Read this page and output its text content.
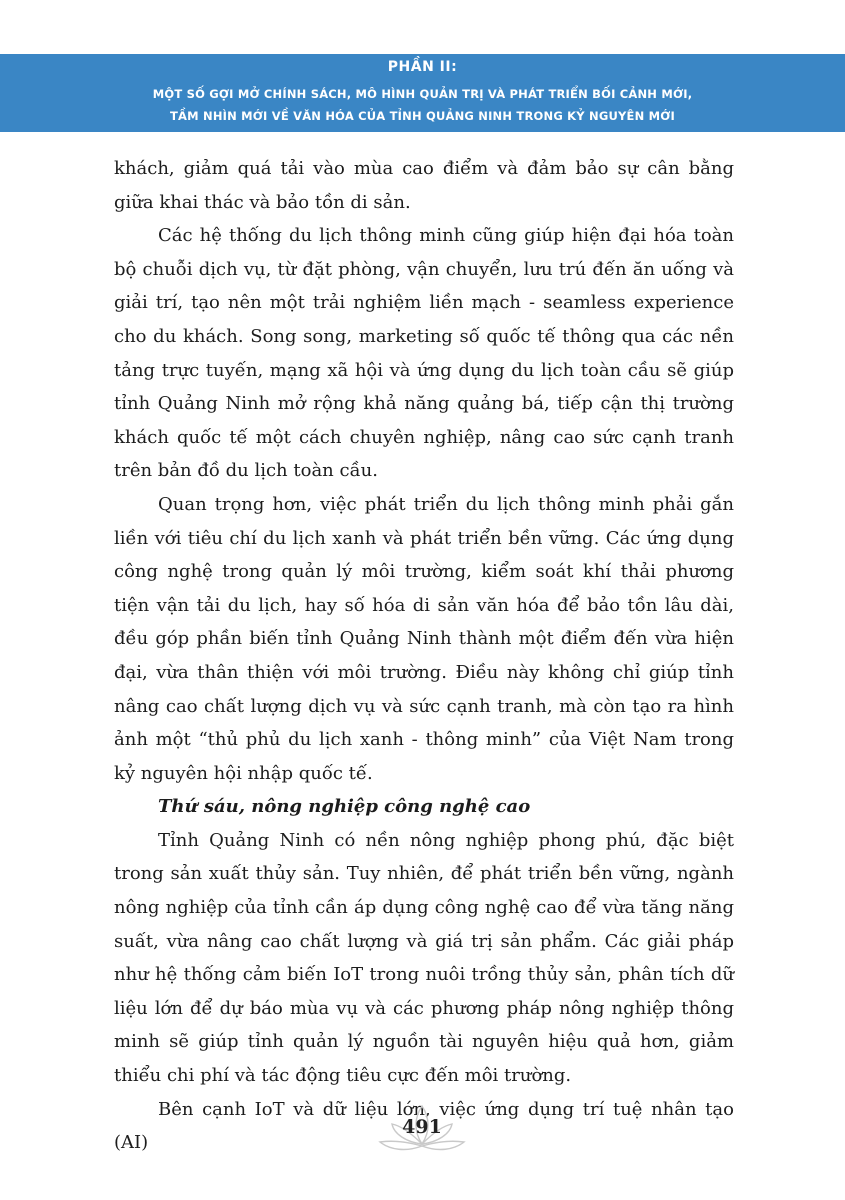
PHẦN II:
MỘT SỐ GỢI MỞ CHÍNH SÁCH, MÔ HÌNH QUẢN TRỊ VÀ PHÁT TRIỂN BỐI CẢNH MỚI,
TẦM NHÌN MỚI VỀ VĂN HÓA CỦA TỈNH QUẢNG NINH TRONG KỶ NGUYÊN MỚI

khách, giảm quá tải vào mùa cao điểm và đảm bảo sự cân bằng giữa khai thác và bảo tồn di sản.

Các hệ thống du lịch thông minh cũng giúp hiện đại hóa toàn bộ chuỗi dịch vụ, từ đặt phòng, vận chuyển, lưu trú đến ăn uống và giải trí, tạo nên một trải nghiệm liền mạch - seamless experience cho du khách. Song song, marketing số quốc tế thông qua các nền tảng trực tuyến, mạng xã hội và ứng dụng du lịch toàn cầu sẽ giúp tỉnh Quảng Ninh mở rộng khả năng quảng bá, tiếp cận thị trường khách quốc tế một cách chuyên nghiệp, nâng cao sức cạnh tranh trên bản đồ du lịch toàn cầu.

Quan trọng hơn, việc phát triển du lịch thông minh phải gắn liền với tiêu chí du lịch xanh và phát triển bền vững. Các ứng dụng công nghệ trong quản lý môi trường, kiểm soát khí thải phương tiện vận tải du lịch, hay số hóa di sản văn hóa để bảo tồn lâu dài, đều góp phần biến tỉnh Quảng Ninh thành một điểm đến vừa hiện đại, vừa thân thiện với môi trường. Điều này không chỉ giúp tỉnh nâng cao chất lượng dịch vụ và sức cạnh tranh, mà còn tạo ra hình ảnh một “thủ phủ du lịch xanh - thông minh” của Việt Nam trong kỷ nguyên hội nhập quốc tế.

Thứ sáu, nông nghiệp công nghệ cao

Tỉnh Quảng Ninh có nền nông nghiệp phong phú, đặc biệt trong sản xuất thủy sản. Tuy nhiên, để phát triển bền vững, ngành nông nghiệp của tỉnh cần áp dụng công nghệ cao để vừa tăng năng suất, vừa nâng cao chất lượng và giá trị sản phẩm. Các giải pháp như hệ thống cảm biến IoT trong nuôi trồng thủy sản, phân tích dữ liệu lớn để dự báo mùa vụ và các phương pháp nông nghiệp thông minh sẽ giúp tỉnh quản lý nguồn tài nguyên hiệu quả hơn, giảm thiểu chi phí và tác động tiêu cực đến môi trường.

Bên cạnh IoT và dữ liệu lớn, việc ứng dụng trí tuệ nhân tạo (AI)

491
